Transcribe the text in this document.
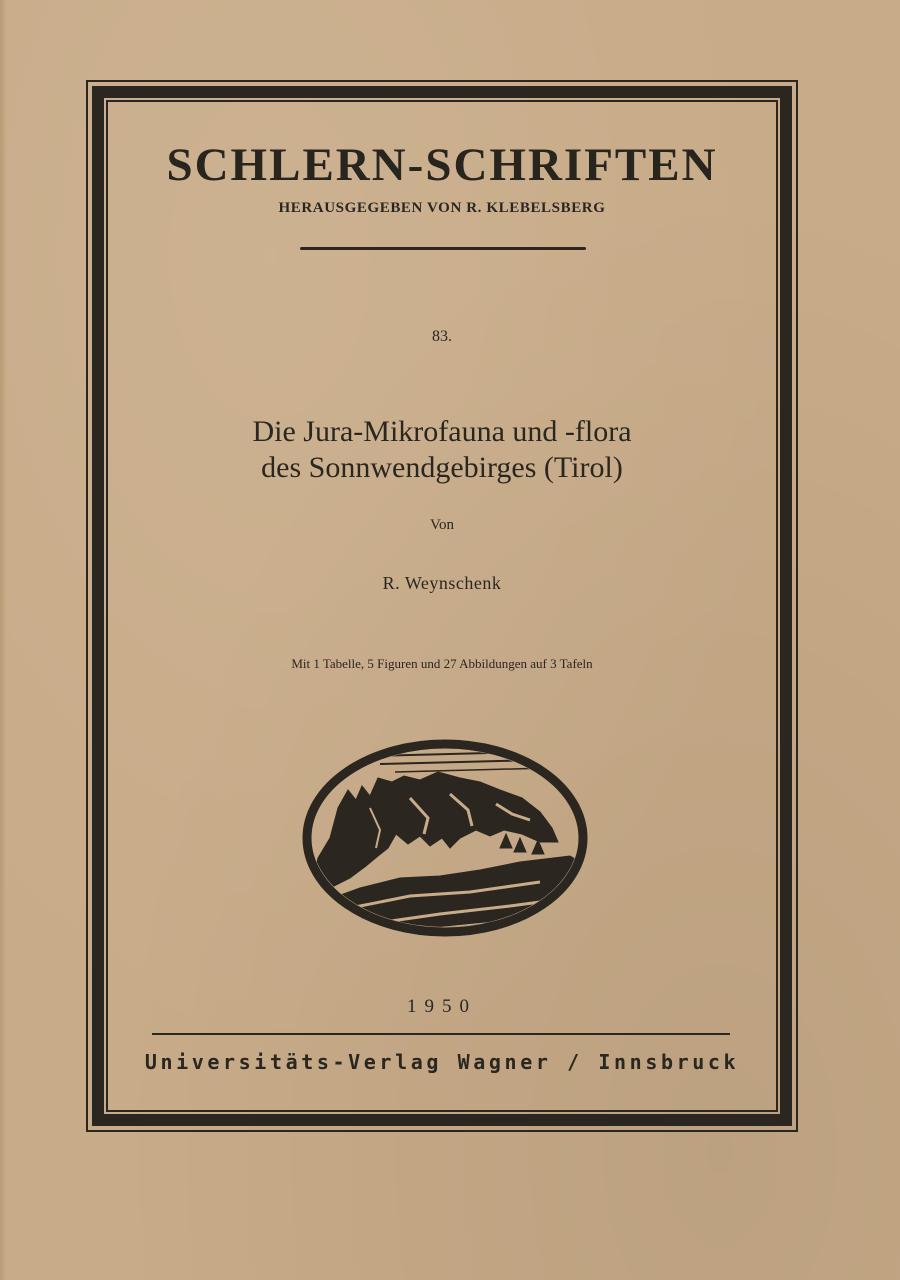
SCHLERN-SCHRIFTEN

HERAUSGEGEBEN VON R. KLEBELSBERG

83.

Die Jura-Mikrofauna und -flora
des Sonnwendgebirges (Tirol)

Von

R. Weynschenk

Mit 1 Tabelle, 5 Figuren und 27 Abbildungen auf 3 Tafeln

1950

Universitäts-Verlag Wagner / Innsbruck
